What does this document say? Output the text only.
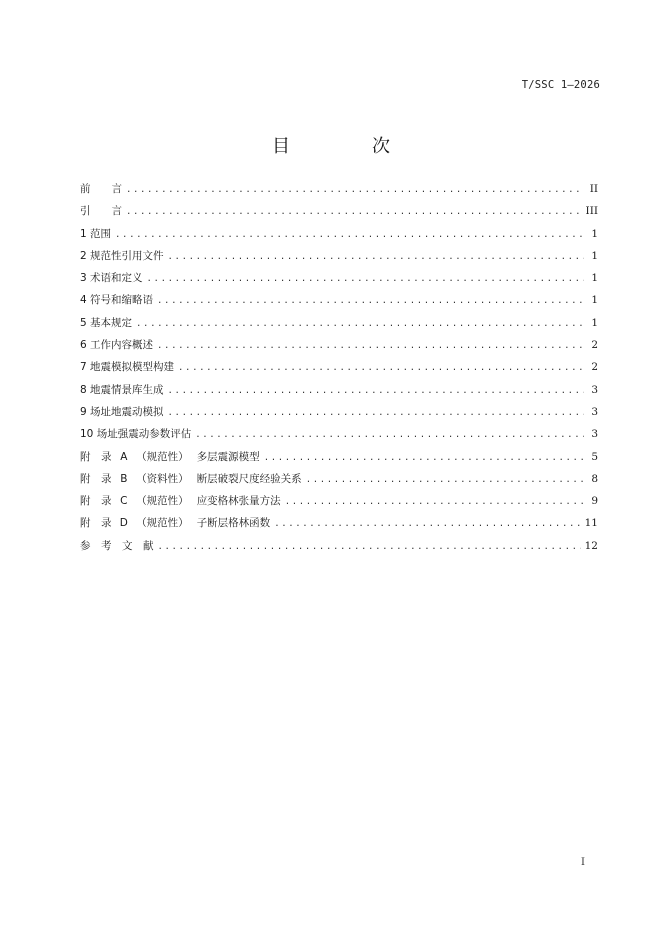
T/SSC 1—2026
目　次
前　　言 .....	II
引　　言 .....	III
1 范围 .....	1
2 规范性引用文件 .....	1
3 术语和定义 .....	1
4 符号和缩略语 .....	1
5 基本规定 .....	1
6 工作内容概述 .....	2
7 地震模拟模型构建 .....	2
8 地震情景库生成 .....	3
9 场址地震动模拟 .....	3
10 场址强震动参数评估 .....	3
附　录 A （规范性） 多层震源模型 .....	5
附　录 B （资料性） 断层破裂尺度经验关系 .....	8
附　录 C （规范性） 应变格林张量方法 .....	9
附　录 D （规范性） 子断层格林函数 .....	11
参　考　文　献 .....	12
I
